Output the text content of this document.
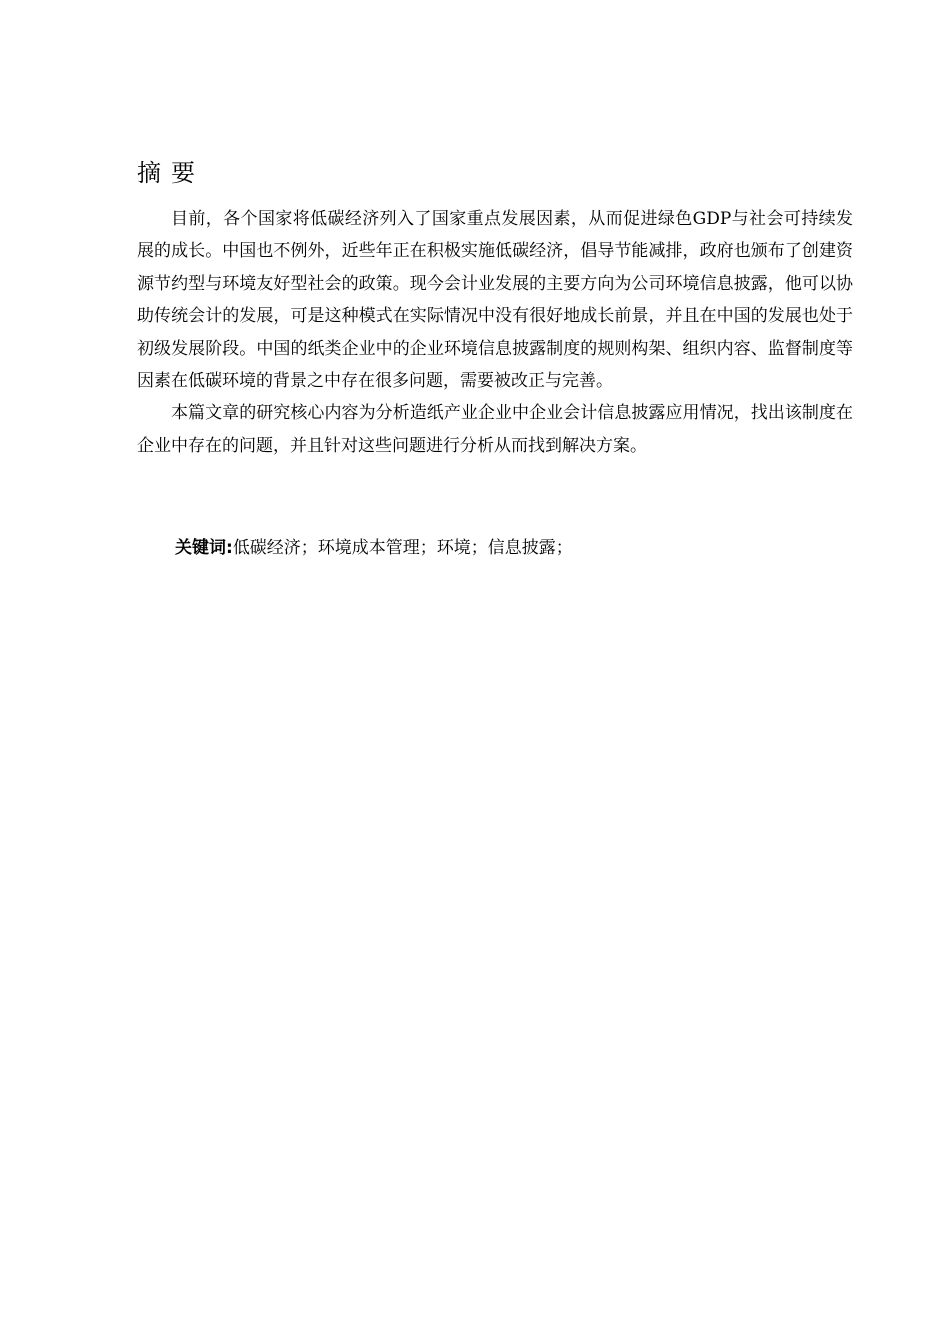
摘要

目前，各个国家将低碳经济列入了国家重点发展因素，从而促进绿色GDP与社会可持续发展的成长。中国也不例外，近些年正在积极实施低碳经济，倡导节能减排，政府也颁布了创建资源节约型与环境友好型社会的政策。现今会计业发展的主要方向为公司环境信息披露，他可以协助传统会计的发展，可是这种模式在实际情况中没有很好地成长前景，并且在中国的发展也处于初级发展阶段。中国的纸类企业中的企业环境信息披露制度的规则构架、组织内容、监督制度等因素在低碳环境的背景之中存在很多问题，需要被改正与完善。

本篇文章的研究核心内容为分析造纸产业企业中企业会计信息披露应用情况，找出该制度在企业中存在的问题，并且针对这些问题进行分析从而找到解决方案。

关键词:低碳经济；环境成本管理；环境；信息披露；
